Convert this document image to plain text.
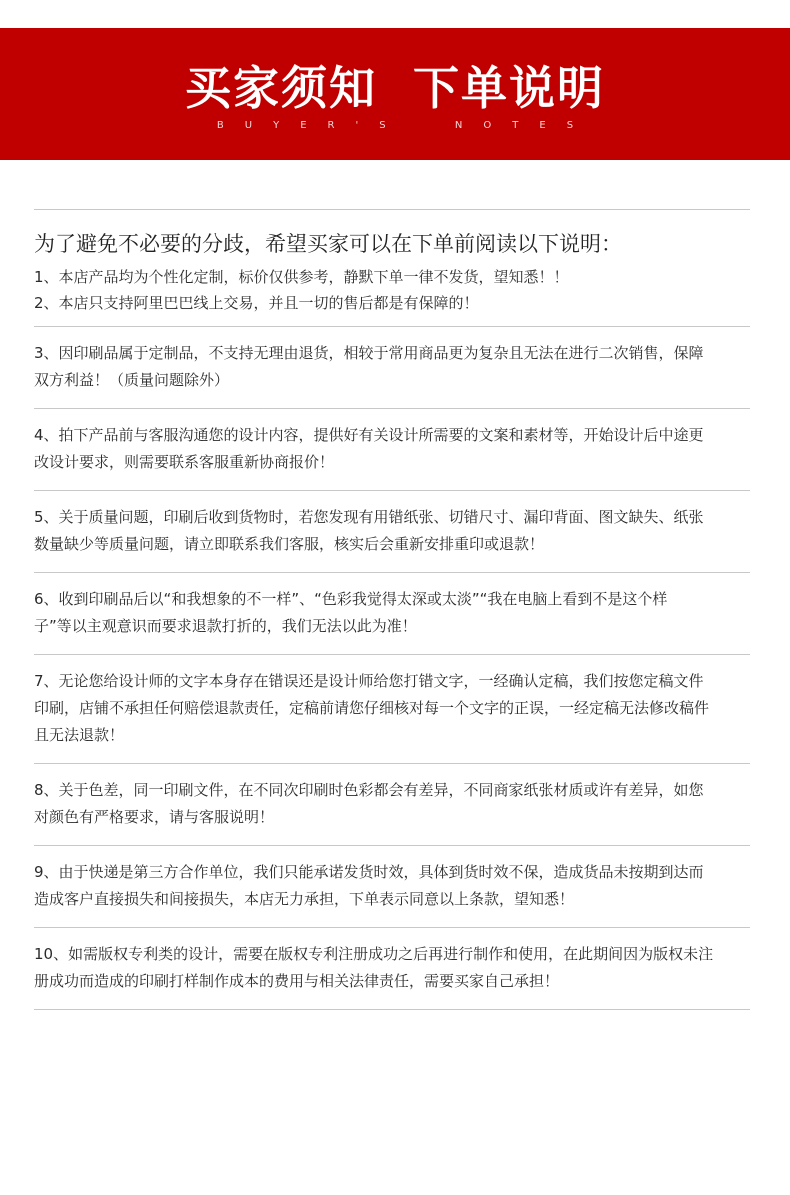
买家须知  下单说明
BUYER'S  NOTES
为了避免不必要的分歧，希望买家可以在下单前阅读以下说明：
1、本店产品均为个性化定制，标价仅供参考，静默下单一律不发货，望知悉！！
2、本店只支持阿里巴巴线上交易，并且一切的售后都是有保障的！
3、因印刷品属于定制品，不支持无理由退货，相较于常用商品更为复杂且无法在进行二次销售，保障
双方利益！（质量问题除外）
4、拍下产品前与客服沟通您的设计内容，提供好有关设计所需要的文案和素材等，开始设计后中途更
改设计要求，则需要联系客服重新协商报价！
5、关于质量问题，印刷后收到货物时，若您发现有用错纸张、切错尺寸、漏印背面、图文缺失、纸张
数量缺少等质量问题，请立即联系我们客服，核实后会重新安排重印或退款！
6、收到印刷品后以“和我想象的不一样”、“色彩我觉得太深或太淡”“我在电脑上看到不是这个样
子”等以主观意识而要求退款打折的，我们无法以此为准！
7、无论您给设计师的文字本身存在错误还是设计师给您打错文字，一经确认定稿，我们按您定稿文件
印刷，店铺不承担任何赔偿退款责任，定稿前请您仔细核对每一个文字的正误，一经定稿无法修改稿件
且无法退款！
8、关于色差，同一印刷文件，在不同次印刷时色彩都会有差异，不同商家纸张材质或许有差异，如您
对颜色有严格要求，请与客服说明！
9、由于快递是第三方合作单位，我们只能承诺发货时效，具体到货时效不保，造成货品未按期到达而
造成客户直接损失和间接损失，本店无力承担，下单表示同意以上条款，望知悉！
10、如需版权专利类的设计，需要在版权专利注册成功之后再进行制作和使用，在此期间因为版权未注
册成功而造成的印刷打样制作成本的费用与相关法律责任，需要买家自己承担！
